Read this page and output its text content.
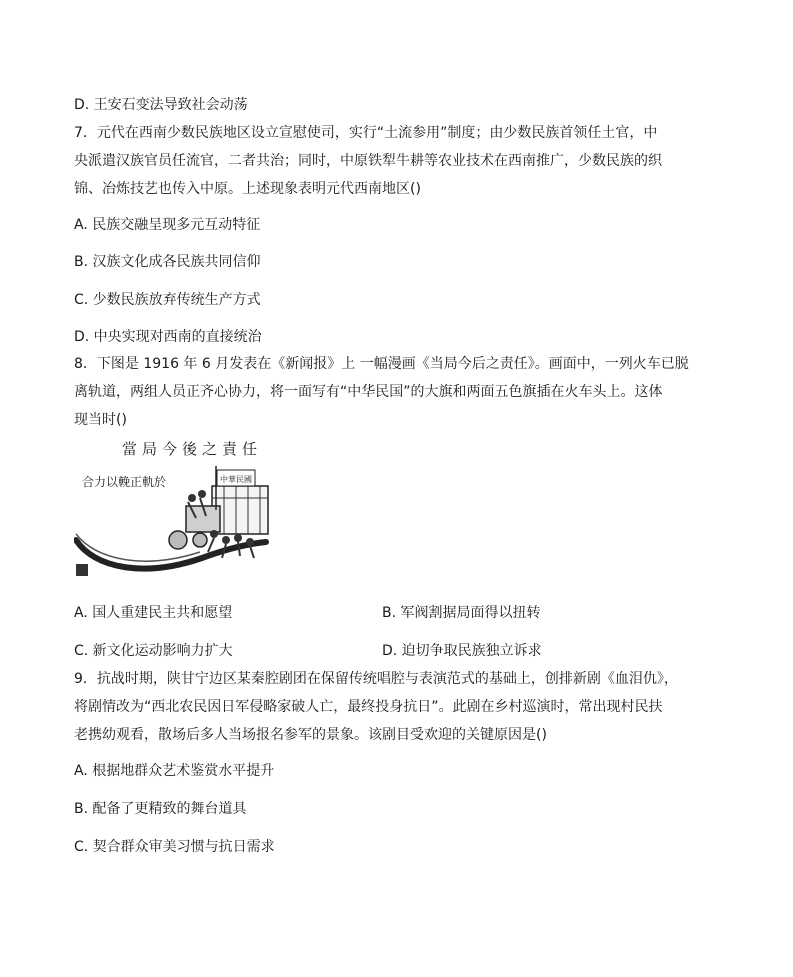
D. 王安石变法导致社会动荡
7．元代在西南少数民族地区设立宣慰使司，实行“土流参用”制度；由少数民族首领任土官，中
央派遣汉族官员任流官，二者共治；同时，中原铁犁牛耕等农业技术在西南推广，少数民族的织
锦、冶炼技艺也传入中原。上述现象表明元代西南地区()
A. 民族交融呈现多元互动特征
B. 汉族文化成各民族共同信仰
C. 少数民族放弃传统生产方式
D. 中央实现对西南的直接统治
8．下图是 1916 年 6 月发表在《新闻报》上 一幅漫画《当局今后之责任》。画面中，一列火车已脱
离轨道，两组人员正齐心协力，将一面写有“中华民国”的大旗和两面五色旗插在火车头上。这体
现当时()
當局今後之責任
合力以輓正軌於	中華民國
A. 国人重建民主共和愿望	B. 军阀割据局面得以扭转
C. 新文化运动影响力扩大	D. 迫切争取民族独立诉求
9．抗战时期，陕甘宁边区某秦腔剧团在保留传统唱腔与表演范式的基础上，创排新剧《血泪仇》，
将剧情改为“西北农民因日军侵略家破人亡，最终投身抗日”。此剧在乡村巡演时，常出现村民扶
老携幼观看，散场后多人当场报名参军的景象。该剧目受欢迎的关键原因是()
A. 根据地群众艺术鉴赏水平提升
B. 配备了更精致的舞台道具
C. 契合群众审美习惯与抗日需求
